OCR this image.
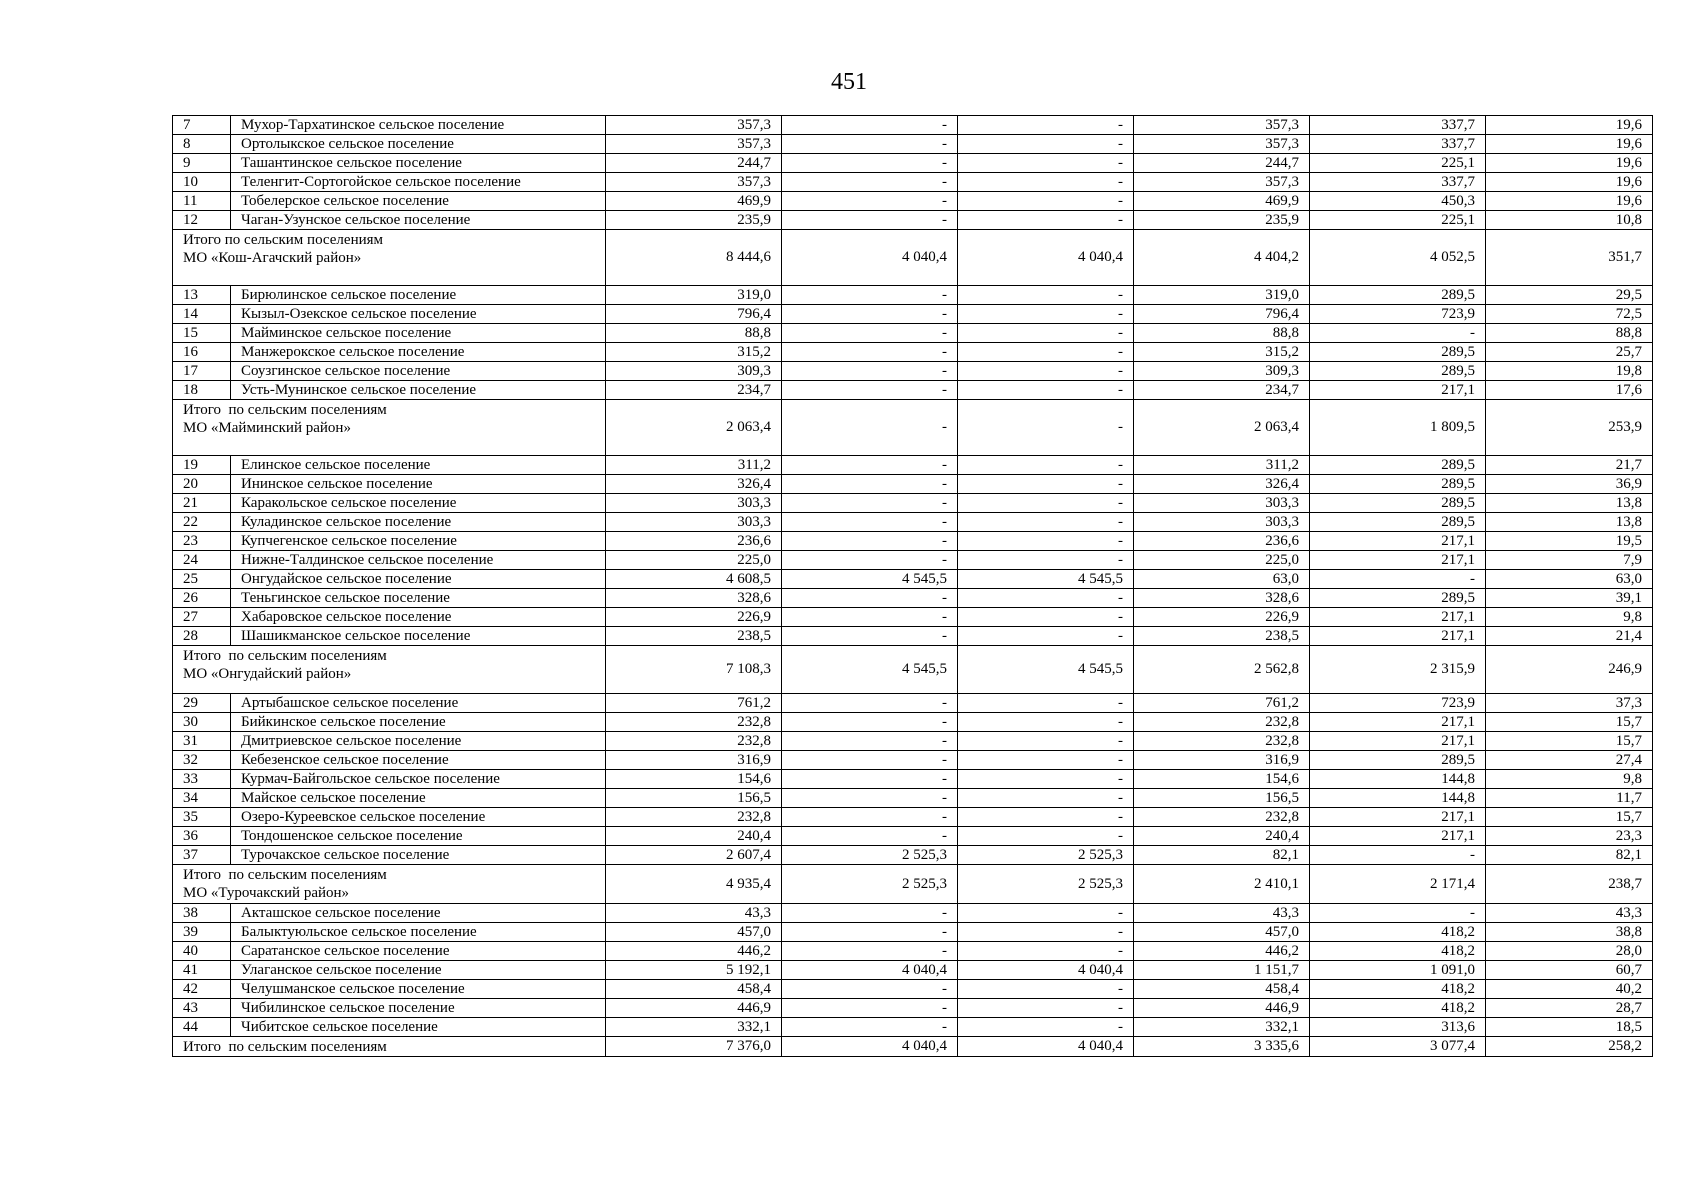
451
7	Мухор-Тархатинское сельское поселение	357,3	-	-	357,3	337,7	19,6
8	Ортолыкское сельское поселение	357,3	-	-	357,3	337,7	19,6
9	Ташантинское сельское поселение	244,7	-	-	244,7	225,1	19,6
10	Теленгит-Сортогойское сельское поселение	357,3	-	-	357,3	337,7	19,6
11	Тобелерское сельское поселение	469,9	-	-	469,9	450,3	19,6
12	Чаган-Узунское сельское поселение	235,9	-	-	235,9	225,1	10,8

Итого по сельским поселениям
МО «Кош-Агачский район»		8 444,6	4 040,4	4 040,4	4 404,2	4 052,5	351,7
13	Бирюлинское сельское поселение	319,0	-	-	319,0	289,5	29,5
14	Кызыл-Озекское сельское поселение	796,4	-	-	796,4	723,9	72,5
15	Майминское сельское поселение	88,8	-	-	88,8	-	88,8
16	Манжерокское сельское поселение	315,2	-	-	315,2	289,5	25,7
17	Соузгинское сельское поселение	309,3	-	-	309,3	289,5	19,8
18	Усть-Мунинское сельское поселение	234,7	-	-	234,7	217,1	17,6

Итого  по сельским поселениям
МО «Майминский район»		2 063,4	-	-	2 063,4	1 809,5	253,9
19	Елинское сельское поселение	311,2	-	-	311,2	289,5	21,7
20	Ининское сельское поселение	326,4	-	-	326,4	289,5	36,9
21	Каракольское сельское поселение	303,3	-	-	303,3	289,5	13,8
22	Куладинское сельское поселение	303,3	-	-	303,3	289,5	13,8
23	Купчегенское сельское поселение	236,6	-	-	236,6	217,1	19,5
24	Нижне-Талдинское сельское поселение	225,0	-	-	225,0	217,1	7,9
25	Онгудайское сельское поселение	4 608,5	4 545,5	4 545,5	63,0	-	63,0
26	Теньгинское сельское поселение	328,6	-	-	328,6	289,5	39,1
27	Хабаровское сельское поселение	226,9	-	-	226,9	217,1	9,8
28	Шашикманское сельское поселение	238,5	-	-	238,5	217,1	21,4

Итого  по сельским поселениям
МО «Онгудайский район»		7 108,3	4 545,5	4 545,5	2 562,8	2 315,9	246,9
29	Артыбашское сельское поселение	761,2	-	-	761,2	723,9	37,3
30	Бийкинское сельское поселение	232,8	-	-	232,8	217,1	15,7
31	Дмитриевское сельское поселение	232,8	-	-	232,8	217,1	15,7
32	Кебезенское сельское поселение	316,9	-	-	316,9	289,5	27,4
33	Курмач-Байгольское сельское поселение	154,6	-	-	154,6	144,8	9,8
34	Майское сельское поселение	156,5	-	-	156,5	144,8	11,7
35	Озеро-Куреевское сельское поселение	232,8	-	-	232,8	217,1	15,7
36	Тондошенское сельское поселение	240,4	-	-	240,4	217,1	23,3
37	Турочакское сельское поселение	2 607,4	2 525,3	2 525,3	82,1	-	82,1

Итого  по сельским поселениям
МО «Турочакский район»		4 935,4	2 525,3	2 525,3	2 410,1	2 171,4	238,7
38	Акташское сельское поселение	43,3	-	-	43,3	-	43,3
39	Балыктуюльское сельское поселение	457,0	-	-	457,0	418,2	38,8
40	Саратанское сельское поселение	446,2	-	-	446,2	418,2	28,0
41	Улаганское сельское поселение	5 192,1	4 040,4	4 040,4	1 151,7	1 091,0	60,7
42	Челушманское сельское поселение	458,4	-	-	458,4	418,2	40,2
43	Чибилинское сельское поселение	446,9	-	-	446,9	418,2	28,7
44	Чибитское сельское поселение	332,1	-	-	332,1	313,6	18,5

Итого  по сельским поселениям		7 376,0	4 040,4	4 040,4	3 335,6	3 077,4	258,2
